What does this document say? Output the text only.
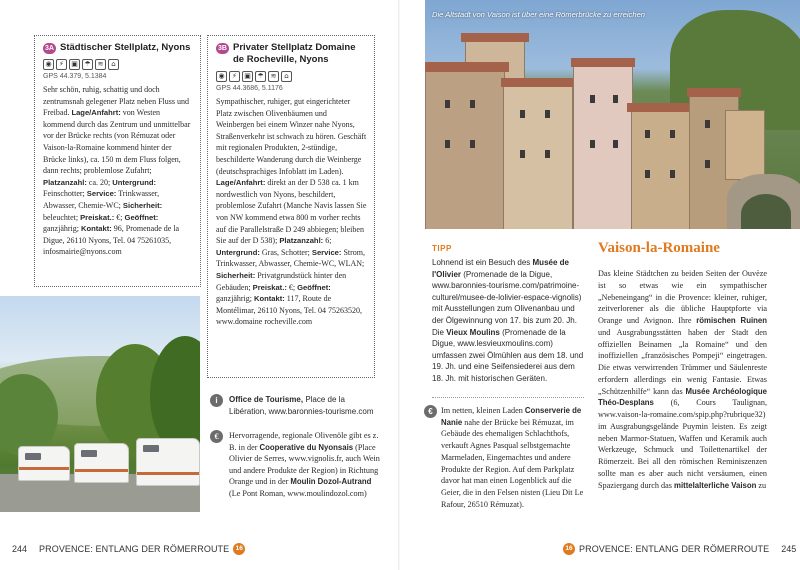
3A Städtischer Stellplatz, Nyons
◉	⚡	▣ ☂ ≋	⌂
GPS 44.379, 5.1384
Sehr schön, ruhig, schattig und doch zentrumsnah gelegener Platz neben Fluss und Freibad. Lage/Anfahrt: von Westen kommend durch das Zentrum und unmittelbar vor der Brücke rechts (von Rémuzat oder Vaison-la-Romaine kommend hinter der Brücke links), ca. 150 m dem Fluss folgen, dann rechts; problemlose Zufahrt; Platzanzahl: ca. 20; Untergrund: Feinschotter; Service: Trinkwasser, Abwasser, Chemie-WC; Sicherheit: beleuchtet; Preiskat.: €; Geöffnet: ganzjährig; Kontakt: 96, Promenade de la Digue, 26110 Nyons, Tel. 04 75261035, infosmairie@nyons.com
3B Privater Stellplatz Domaine de Rocheville, Nyons
◉	⚡	▣ ☂ ≋	⌂
GPS 44.3686, 5.1176
Sympathischer, ruhiger, gut eingerichteter Platz zwischen Olivenbäumen und Weinbergen bei einem Winzer nahe Nyons, Straßenverkehr ist schwach zu hören. Geschäft mit regionalen Produkten, 2-stündige, beschilderte Wanderung durch die Weinberge (deutschsprachiges Infoblatt im Laden). Lage/Anfahrt: direkt an der D 538 ca. 1 km nordwestlich von Nyons, beschildert, problemlose Zufahrt (Manche Navis lassen Sie von NW kommend etwa 800 m vorher rechts auf die Parallelstraße D 249 abbiegen; bleiben Sie auf der D 538); Platzanzahl: 6; Untergrund: Gras, Schotter; Service: Strom, Trinkwasser, Abwasser, Chemie-WC, WLAN; Sicherheit: Privatgrundstück hinter den Gebäuden; Preiskat.: €; Geöffnet: ganzjährig; Kontakt: 117, Route de Montélimar, 26110 Nyons, Tel. 04 75263520, www.domaine rocheville.com
i	Office de Tourisme, Place de la Libération, www.baronnies-tourisme.com
€	Hervorragende, regionale Olivenöle gibt es z. B. in der Cooperative du Nyonsais (Place Olivier de Serres, www.vignolis.fr, auch Wein und andere Produkte der Region) in Richtung Orange und in der Moulin Dozol-Autrand (Le Pont Roman, www.moulindozol.com)
244 PROVENCE: ENTLANG DER RÖMERROUTE 16
Die Altstadt von Vaison ist über eine Römerbrücke zu erreichen
TIPP
Lohnend ist ein Besuch des Musée de l'Olivier (Promenade de la Digue, www.baronnies-tourisme.com/patrimoine-culturel/musee-de-lolivier-espace-vignolis) mit Ausstellungen zum Olivenanbau und der Ölgewinnung von 17. bis zum 20. Jh. Die Vieux Moulins (Promenade de la Digue, www.lesvieuxmoulins.com) umfassen zwei Ölmühlen aus dem 18. und 19. Jh. und eine Seifensiederei aus dem 18. Jh. mit historischen Geräten.
€	Im netten, kleinen Laden Conserverie de Nanie nahe der Brücke bei Rémuzat, im Gebäude des ehemaligen Schlachthofs, verkauft Agnes Pasqual selbstgemachte Marmeladen, Eingemachtes und andere Produkte der Region. Auf dem Parkplatz davor hat man einen Logenblick auf die Geier, die in den Felsen nisten (Lieu Dit Le Rafour, 26510 Rémuzat).
Vaison-la-Romaine
Das kleine Städtchen zu beiden Seiten der Ouvèze ist so etwas wie ein sympathischer „Nebeneingang“ in die Provence: kleiner, ruhiger, zeitverlorener als die übliche Hauptpforte via Orange und Avignon. Ihre römischen Ruinen und Ausgrabungsstätten haben der Stadt den offiziellen Beinamen „la Romaine“ und den inoffiziellen „französisches Pompeji“ eingetragen. Die etwas verwirrenden Trümmer und Säulenreste erfordern allerdings ein wenig Fantasie. Etwas „Schützenhilfe“ kann das Musée Archéologique Théo-Desplans (6, Cours Taulignan, www.vaison-la-romaine.com/spip.php?rubrique32) im Ausgrabungsgelände Puymin leisten. Es zeigt neben Marmor-Statuen, Waffen und Keramik auch Werkzeuge, Schmuck und Toilettenartikel der Römerzeit. Bei all den römischen Reminiszenzen sollte man es aber auch nicht versäumen, einen Spaziergang durch das mittelalterliche Vaison zu
16 PROVENCE: ENTLANG DER RÖMERROUTE 245
